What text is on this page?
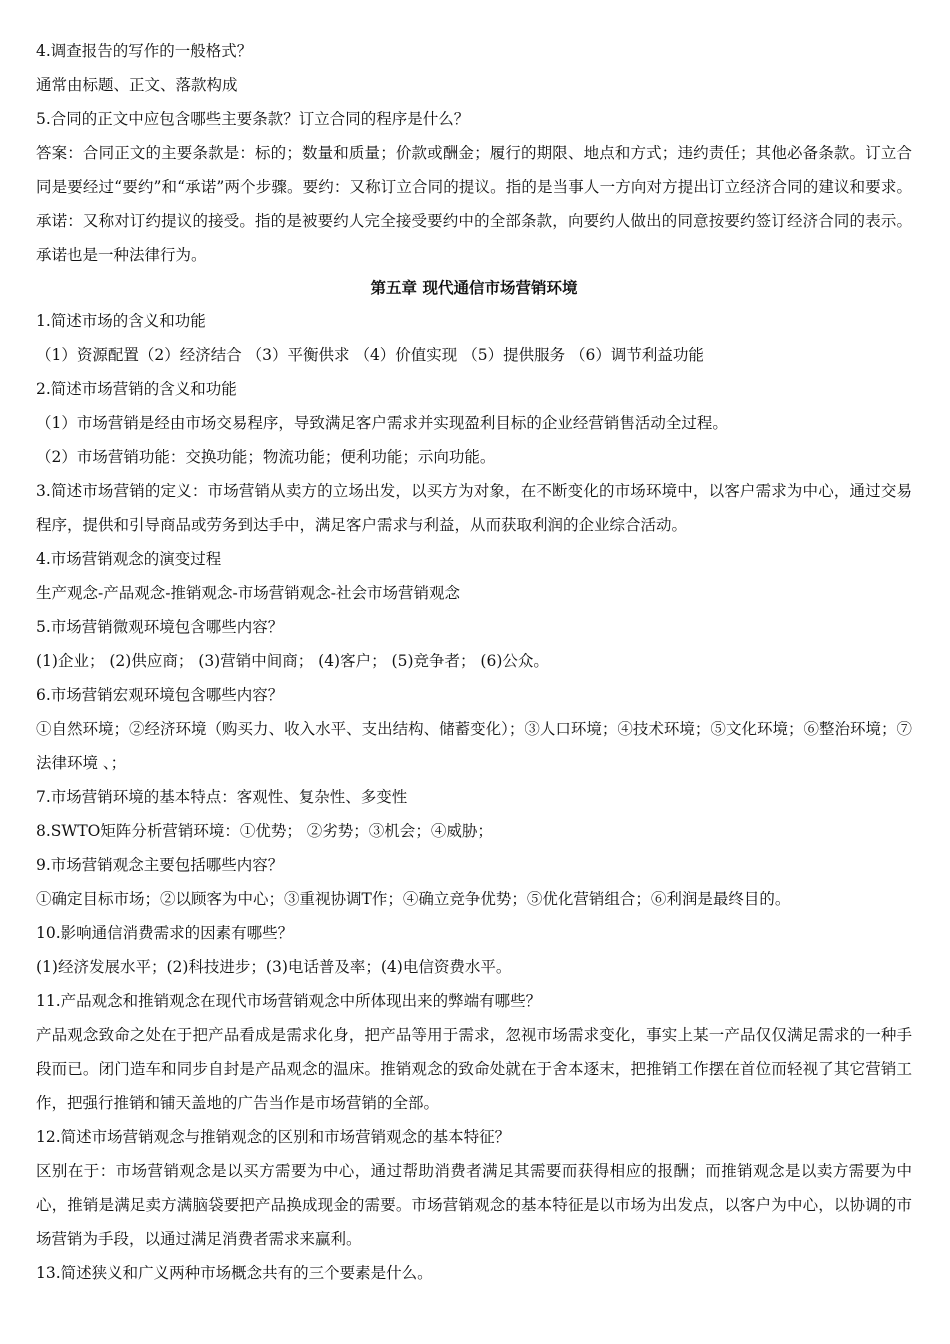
4.调查报告的写作的一般格式？

通常由标题、正文、落款构成

5.合同的正文中应包含哪些主要条款？订立合同的程序是什么？

答案：合同正文的主要条款是：标的；数量和质量；价款或酬金；履行的期限、地点和方式；违约责任；其他必备条款。订立合同是要经过“要约”和“承诺”两个步骤。要约：又称订立合同的提议。指的是当事人一方向对方提出订立经济合同的建议和要求。承诺：又称对订约提议的接受。指的是被要约人完全接受要约中的全部条款，向要约人做出的同意按要约签订经济合同的表示。承诺也是一种法律行为。

第五章 现代通信市场营销环境

1.简述市场的含义和功能

（1）资源配置（2）经济结合 （3）平衡供求 （4）价值实现 （5）提供服务 （6）调节利益功能

2.简述市场营销的含义和功能

（1）市场营销是经由市场交易程序，导致满足客户需求并实现盈利目标的企业经营销售活动全过程。

（2）市场营销功能：交换功能；物流功能；便利功能；示向功能。

3.简述市场营销的定义：市场营销从卖方的立场出发，以买方为对象，在不断变化的市场环境中，以客户需求为中心，通过交易程序，提供和引导商品或劳务到达手中，满足客户需求与利益，从而获取利润的企业综合活动。

4.市场营销观念的演变过程

生产观念-产品观念-推销观念-市场营销观念-社会市场营销观念

5.市场营销微观环境包含哪些内容？

(1)企业； (2)供应商； (3)营销中间商； (4)客户； (5)竞争者； (6)公众。

6.市场营销宏观环境包含哪些内容？

①自然环境；②经济环境（购买力、收入水平、支出结构、储蓄变化）；③人口环境；④技术环境；⑤文化环境；⑥整治环境；⑦法律环境 、；

7.市场营销环境的基本特点：客观性、复杂性、多变性

8.SWTO矩阵分析营销环境：①优势； ②劣势；③机会；④威胁；

9.市场营销观念主要包括哪些内容？

①确定目标市场；②以顾客为中心；③重视协调T作；④确立竞争优势；⑤优化营销组合；⑥利润是最终目的。

10.影响通信消费需求的因素有哪些？

(1)经济发展水平；(2)科技进步；(3)电话普及率；(4)电信资费水平。

11.产品观念和推销观念在现代市场营销观念中所体现出来的弊端有哪些？

产品观念致命之处在于把产品看成是需求化身，把产品等用于需求，忽视市场需求变化，事实上某一产品仅仅满足需求的一种手段而已。闭门造车和同步自封是产品观念的温床。推销观念的致命处就在于舍本逐末，把推销工作摆在首位而轻视了其它营销工作，把强行推销和铺天盖地的广告当作是市场营销的全部。

12.简述市场营销观念与推销观念的区别和市场营销观念的基本特征？

区别在于：市场营销观念是以买方需要为中心，通过帮助消费者满足其需要而获得相应的报酬；而推销观念是以卖方需要为中心，推销是满足卖方满脑袋要把产品换成现金的需要。市场营销观念的基本特征是以市场为出发点，以客户为中心，以协调的市场营销为手段，以通过满足消费者需求来赢利。

13.简述狭义和广义两种市场概念共有的三个要素是什么。
